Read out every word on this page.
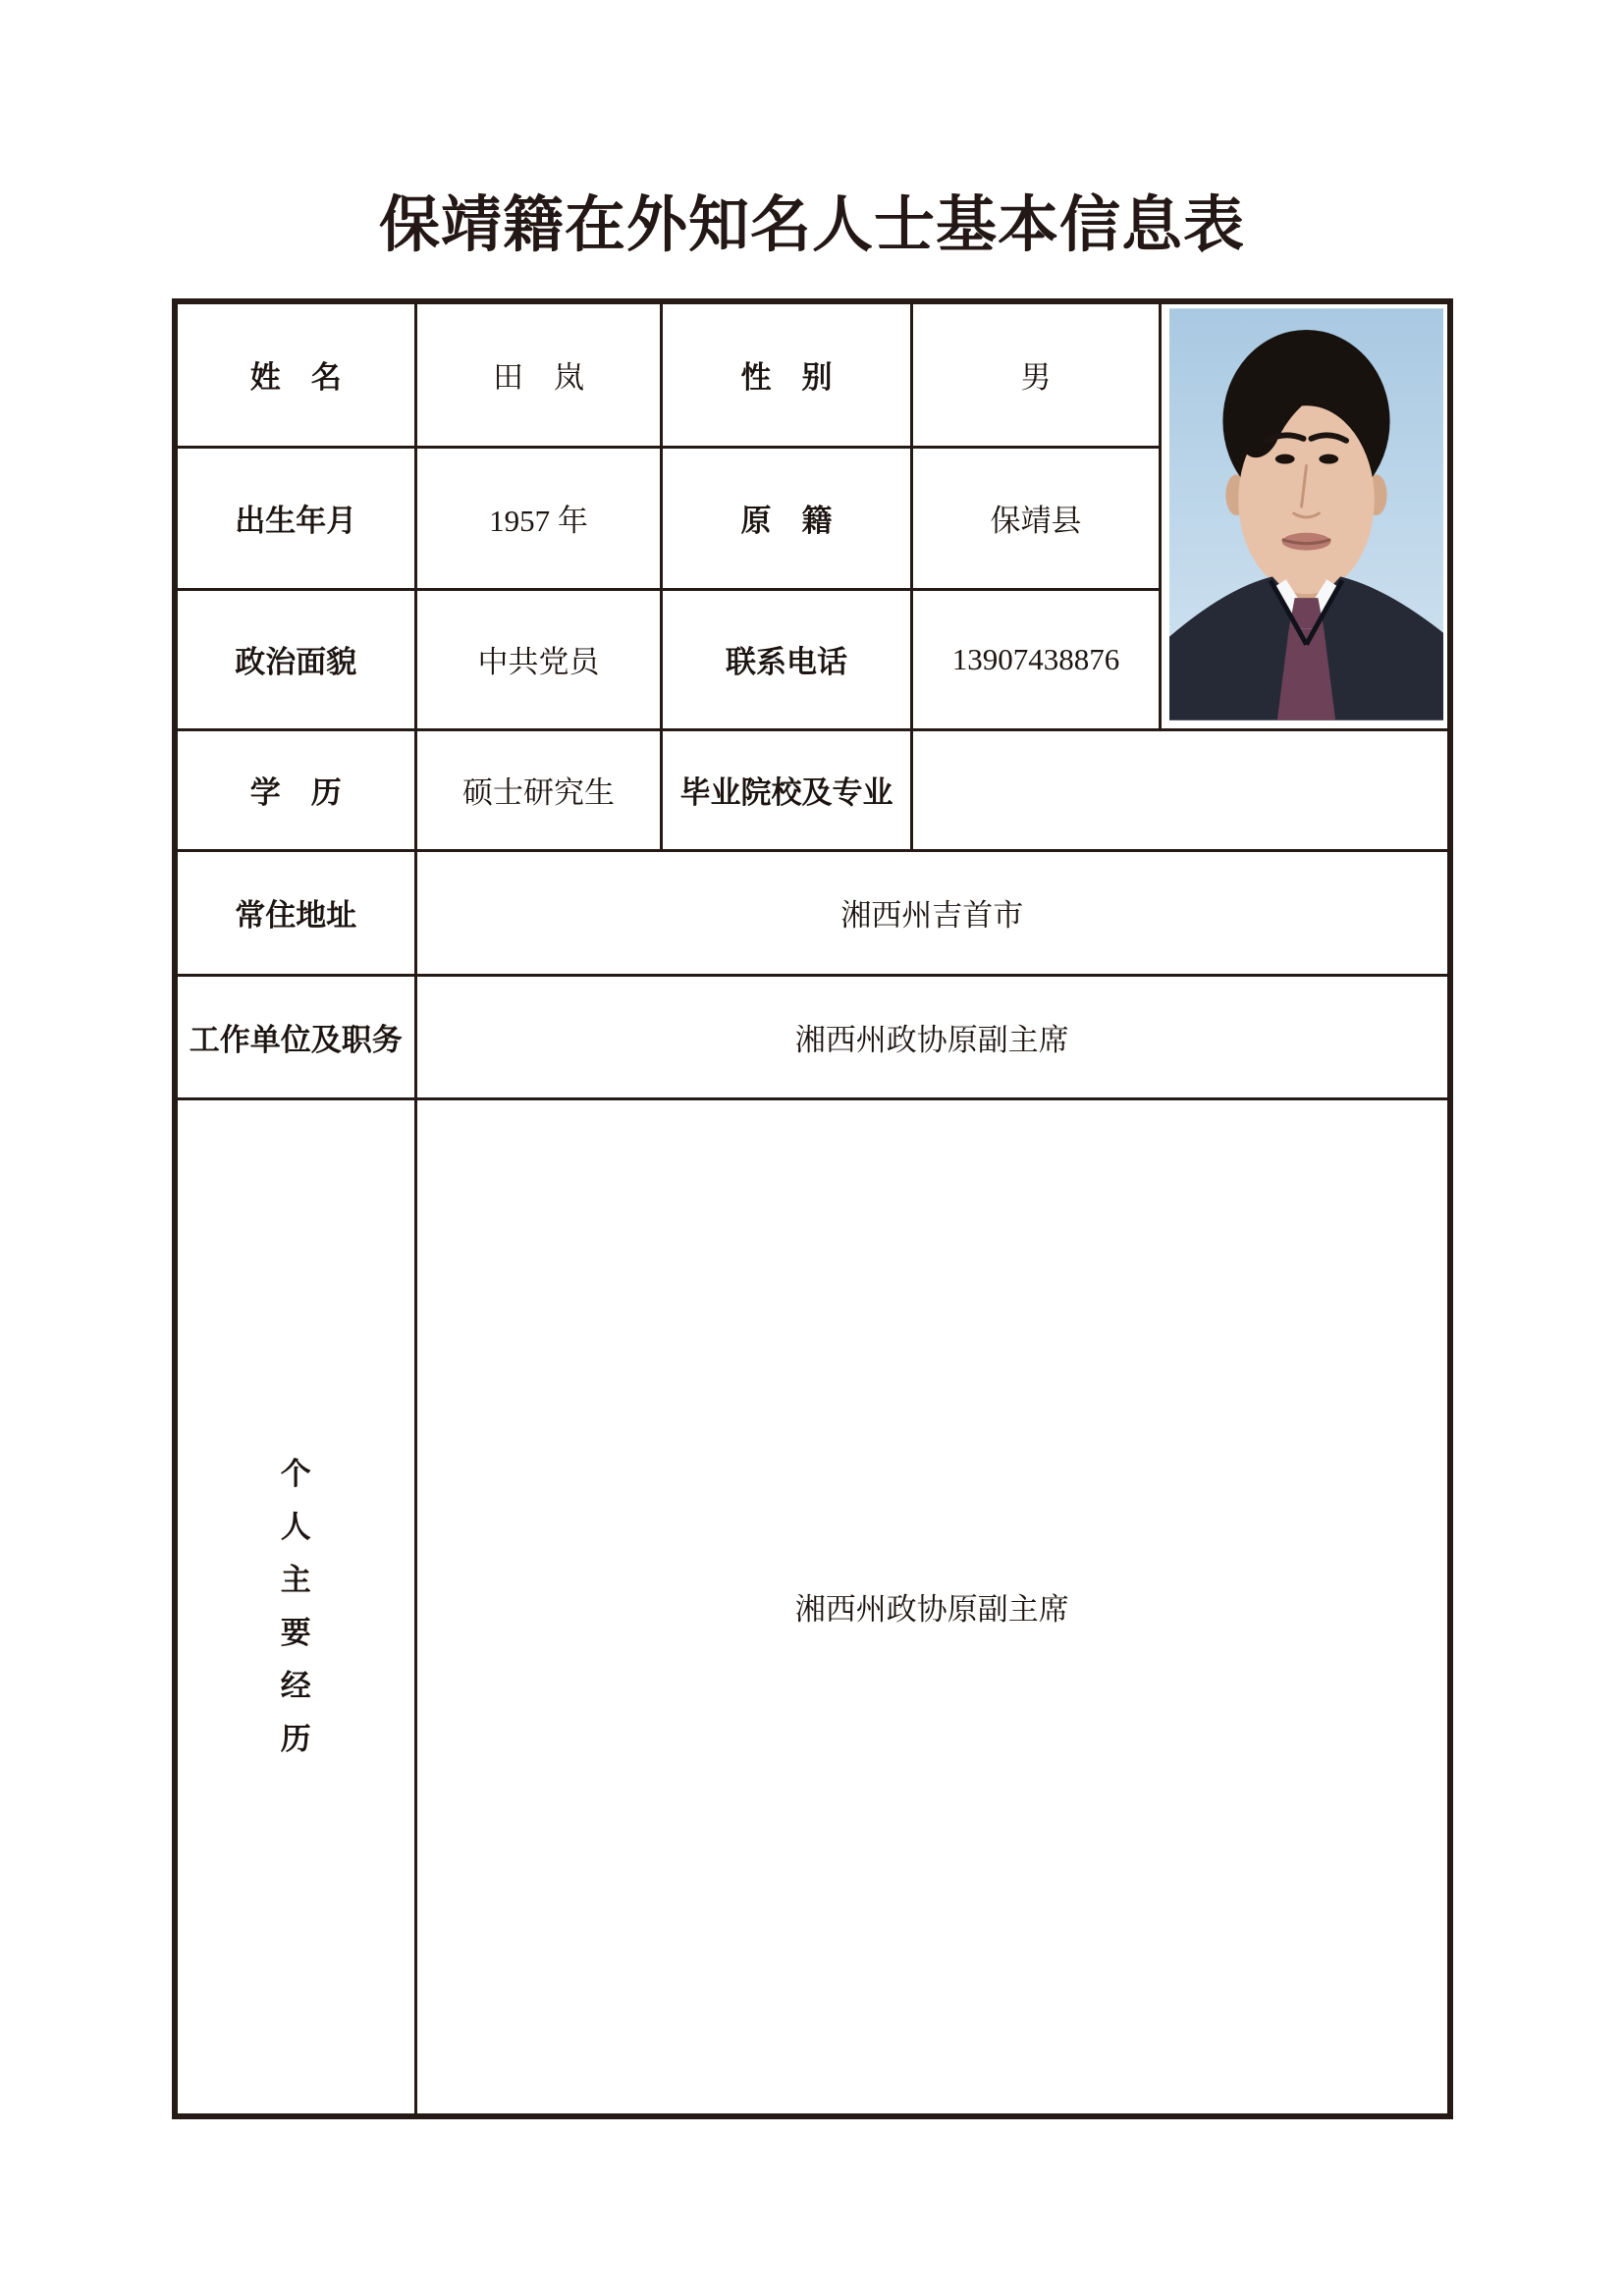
保靖籍在外知名人士基本信息表
姓　名	田　岚	性　别	男	

出生年月	1957 年	原　籍	保靖县	
政治面貌	中共党员	联系电话	13907438876	
学　历	硕士研究生	毕业院校及专业		
常住地址	湘西州吉首市			
工作单位及职务	湘西州政协原副主席			

个
人
主
要
经
历
	湘西州政协原副主席
